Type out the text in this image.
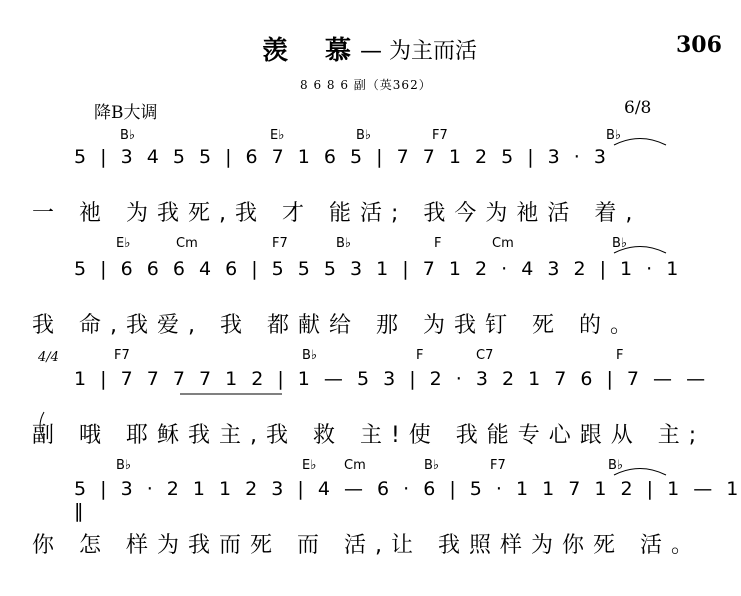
羡 慕
— 为主而活	306
8 6 8 6 副（英362）
降B大调	6/8
4/4
B♭	E♭	B♭	F7	B♭
5 | 3 4 5 5 | 6 7 1 6 5 | 7 7 1 2 5 | 3 · 3
一 祂 为我死,我 才 能活; 我今为祂活 着,
E♭	Cm	F7	B♭	F	Cm	B♭
5 | 6 6 6 4 6 | 5 5 5 3 1 | 7 1 2 · 4 3 2 | 1 · 1
我 命,我爱, 我 都献给 那 为我钉 死 的。
F7	B♭	F	C7	F
1 | 7 7 7 7 1 2 | 1 — 5 3 | 2 · 3 2 1 7 6 | 7 — —
副 哦 耶稣我主,我 救 主!使 我能专心跟从 主;
B♭	E♭ Cm	B♭	F7	B♭
5 | 3 · 2 1 1 2 3 | 4 — 6 · 6 | 5 · 1 1 7 1 2 | 1 — 1 ‖
你 怎 样为我而死 而 活,让 我照样为你死 活。
